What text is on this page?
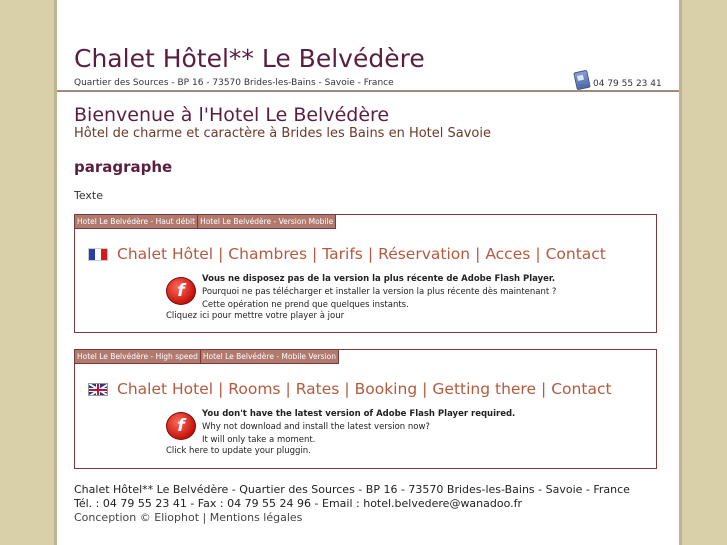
Chalet Hôtel** Le Belvédère
Quartier des Sources - BP 16 - 73570 Brides-les-Bains - Savoie - France	04 79 55 23 41
Bienvenue à l'Hotel Le Belvédère
Hôtel de charme et caractère à Brides les Bains en Hotel Savoie
paragraphe
Texte
Hotel Le Belvédère - Haut débit Hotel Le Belvédère - Version Mobile
Chalet Hôtel | Chambres | Tarifs | Réservation | Acces | Contact
f
Vous ne disposez pas de la version la plus récente de Adobe Flash Player.
Pourquoi ne pas télécharger et installer la version la plus récente dès maintenant ?
Cette opération ne prend que quelques instants.
Cliquez ici pour mettre votre player à jour
Hotel Le Belvédère - High speed Hotel Le Belvédère - Mobile Version
Chalet Hotel | Rooms | Rates | Booking | Getting there | Contact
f
You don't have the latest version of Adobe Flash Player required.
Why not download and install the latest version now?
It will only take a moment.
Click here to update your pluggin.
Chalet Hôtel** Le Belvédère - Quartier des Sources - BP 16 - 73570 Brides-les-Bains - Savoie - France
Tél. : 04 79 55 23 41 - Fax : 04 79 55 24 96 - Email : hotel.belvedere@wanadoo.fr
Conception © Eliophot | Mentions légales
